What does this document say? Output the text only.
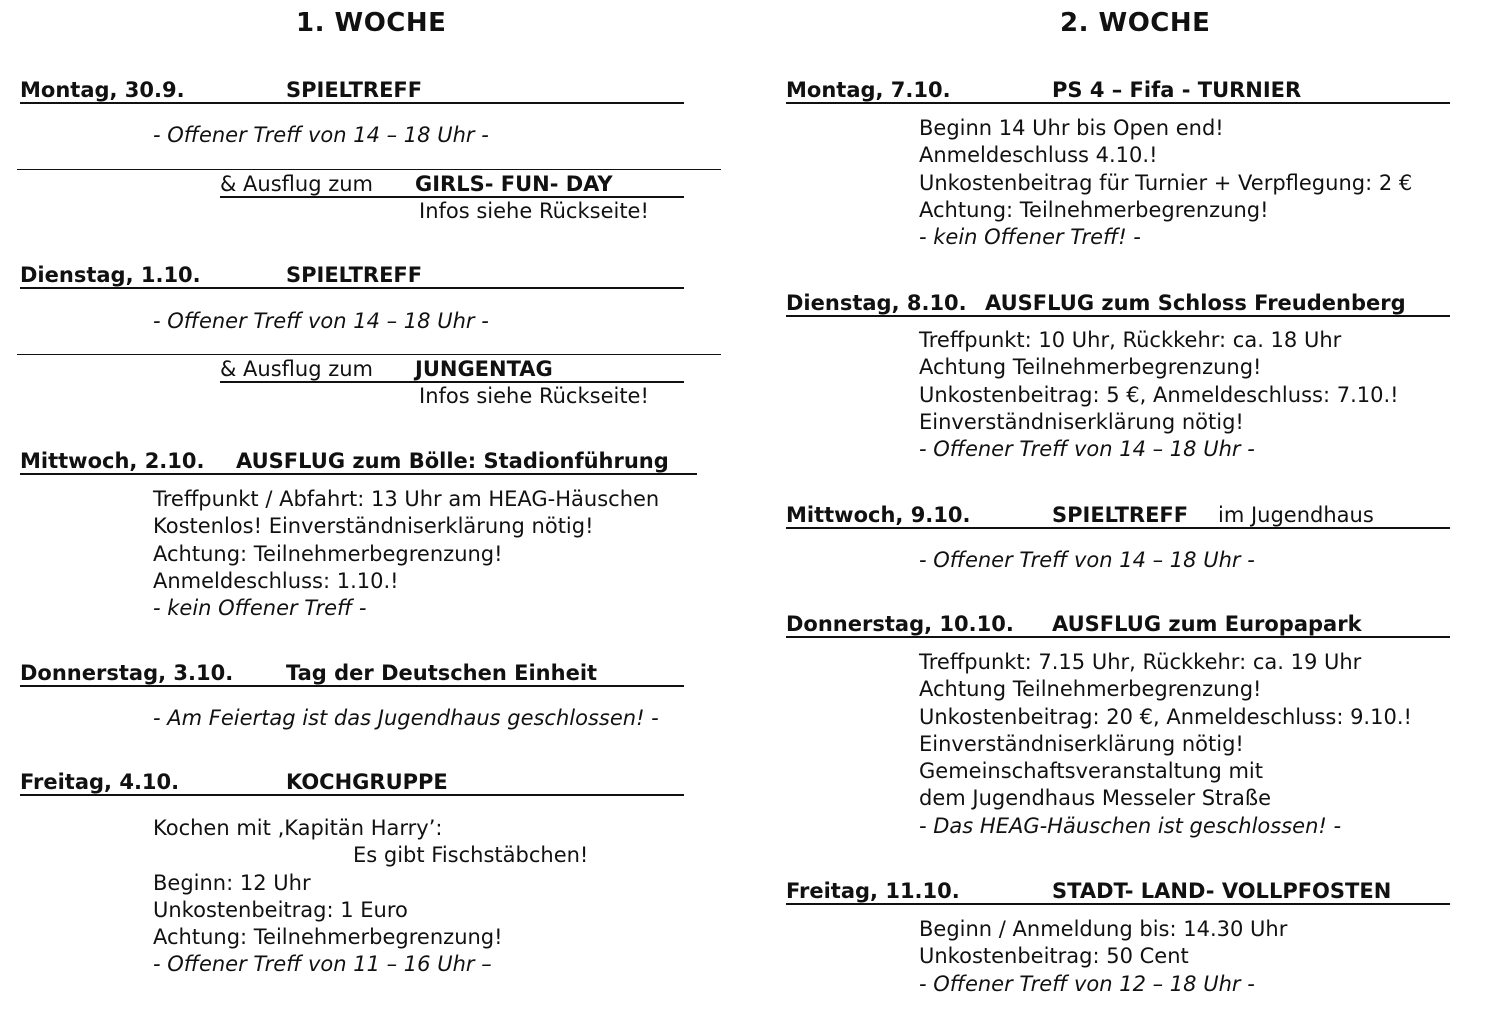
1. WOCHE
Montag, 30.9.	SPIELTREFF
- Offener Treff von 14 – 18 Uhr -
& Ausflug zum GIRLS- FUN- DAY
Infos siehe Rückseite!
Dienstag, 1.10.	SPIELTREFF
- Offener Treff von 14 – 18 Uhr -
& Ausflug zum JUNGENTAG
Infos siehe Rückseite!
Mittwoch, 2.10. AUSFLUG zum Bölle: Stadionführung
Treffpunkt / Abfahrt: 13 Uhr am HEAG-Häuschen
Kostenlos! Einverständniserklärung nötig!
Achtung: Teilnehmerbegrenzung!
Anmeldeschluss: 1.10.!
- kein Offener Treff -
Donnerstag, 3.10.	Tag der Deutschen Einheit
- Am Feiertag ist das Jugendhaus geschlossen! -
Freitag, 4.10.	KOCHGRUPPE
Kochen mit ‚Kapitän Harry’:
Es gibt Fischstäbchen!
Beginn: 12 Uhr
Unkostenbeitrag: 1 Euro
Achtung: Teilnehmerbegrenzung!
- Offener Treff von 11 – 16 Uhr –
2. WOCHE
Montag, 7.10.	PS 4 – Fifa - TURNIER
Beginn 14 Uhr bis Open end!
Anmeldeschluss 4.10.!
Unkostenbeitrag für Turnier + Verpflegung: 2 €
Achtung: Teilnehmerbegrenzung!
- kein Offener Treff! -
Dienstag, 8.10. AUSFLUG zum Schloss Freudenberg
Treffpunkt: 10 Uhr, Rückkehr: ca. 18 Uhr
Achtung Teilnehmerbegrenzung!
Unkostenbeitrag: 5 €, Anmeldeschluss: 7.10.!
Einverständniserklärung nötig!
- Offener Treff von 14 – 18 Uhr -
Mittwoch, 9.10.	SPIELTREFF im Jugendhaus
- Offener Treff von 14 – 18 Uhr -
Donnerstag, 10.10. AUSFLUG zum Europapark
Treffpunkt: 7.15 Uhr, Rückkehr: ca. 19 Uhr
Achtung Teilnehmerbegrenzung!
Unkostenbeitrag: 20 €, Anmeldeschluss: 9.10.!
Einverständniserklärung nötig!
Gemeinschaftsveranstaltung mit
dem Jugendhaus Messeler Straße
- Das HEAG-Häuschen ist geschlossen! -
Freitag, 11.10.	STADT- LAND- VOLLPFOSTEN
Beginn / Anmeldung bis: 14.30 Uhr
Unkostenbeitrag: 50 Cent
- Offener Treff von 12 – 18 Uhr -
